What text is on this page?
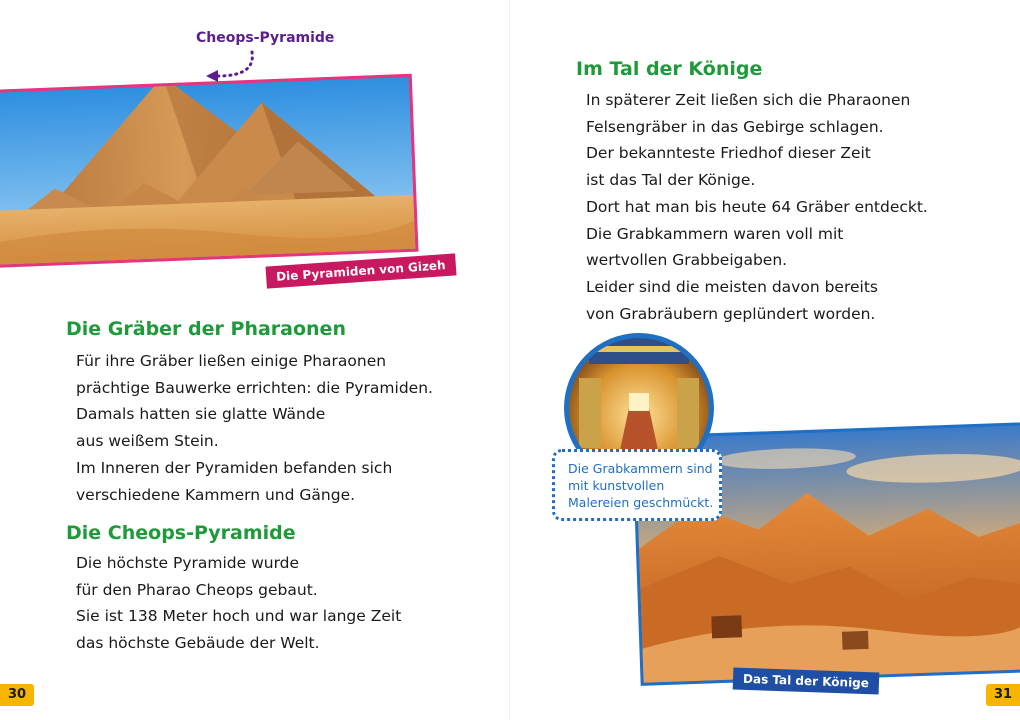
Cheops-Pyramide
Die Pyramiden von Gizeh
Die Gräber der Pharaonen
Für ihre Gräber ließen einige Pharaonen
prächtige Bauwerke errichten: die Pyramiden.
Damals hatten sie glatte Wände
aus weißem Stein.
Im Inneren der Pyramiden befanden sich
verschiedene Kammern und Gänge.
Die Cheops-Pyramide
Die höchste Pyramide wurde
für den Pharao Cheops gebaut.
Sie ist 138 Meter hoch und war lange Zeit
das höchste Gebäude der Welt.
30
Im Tal der Könige
In späterer Zeit ließen sich die Pharaonen
Felsengräber in das Gebirge schlagen.
Der bekannteste Friedhof dieser Zeit
ist das Tal der Könige.
Dort hat man bis heute 64 Gräber entdeckt.
Die Grabkammern waren voll mit
wertvollen Grabbeigaben.
Leider sind die meisten davon bereits
von Grabräubern geplündert worden.
Die Grabkammern sind
mit kunstvollen
Malereien geschmückt.
Das Tal der Könige
31
